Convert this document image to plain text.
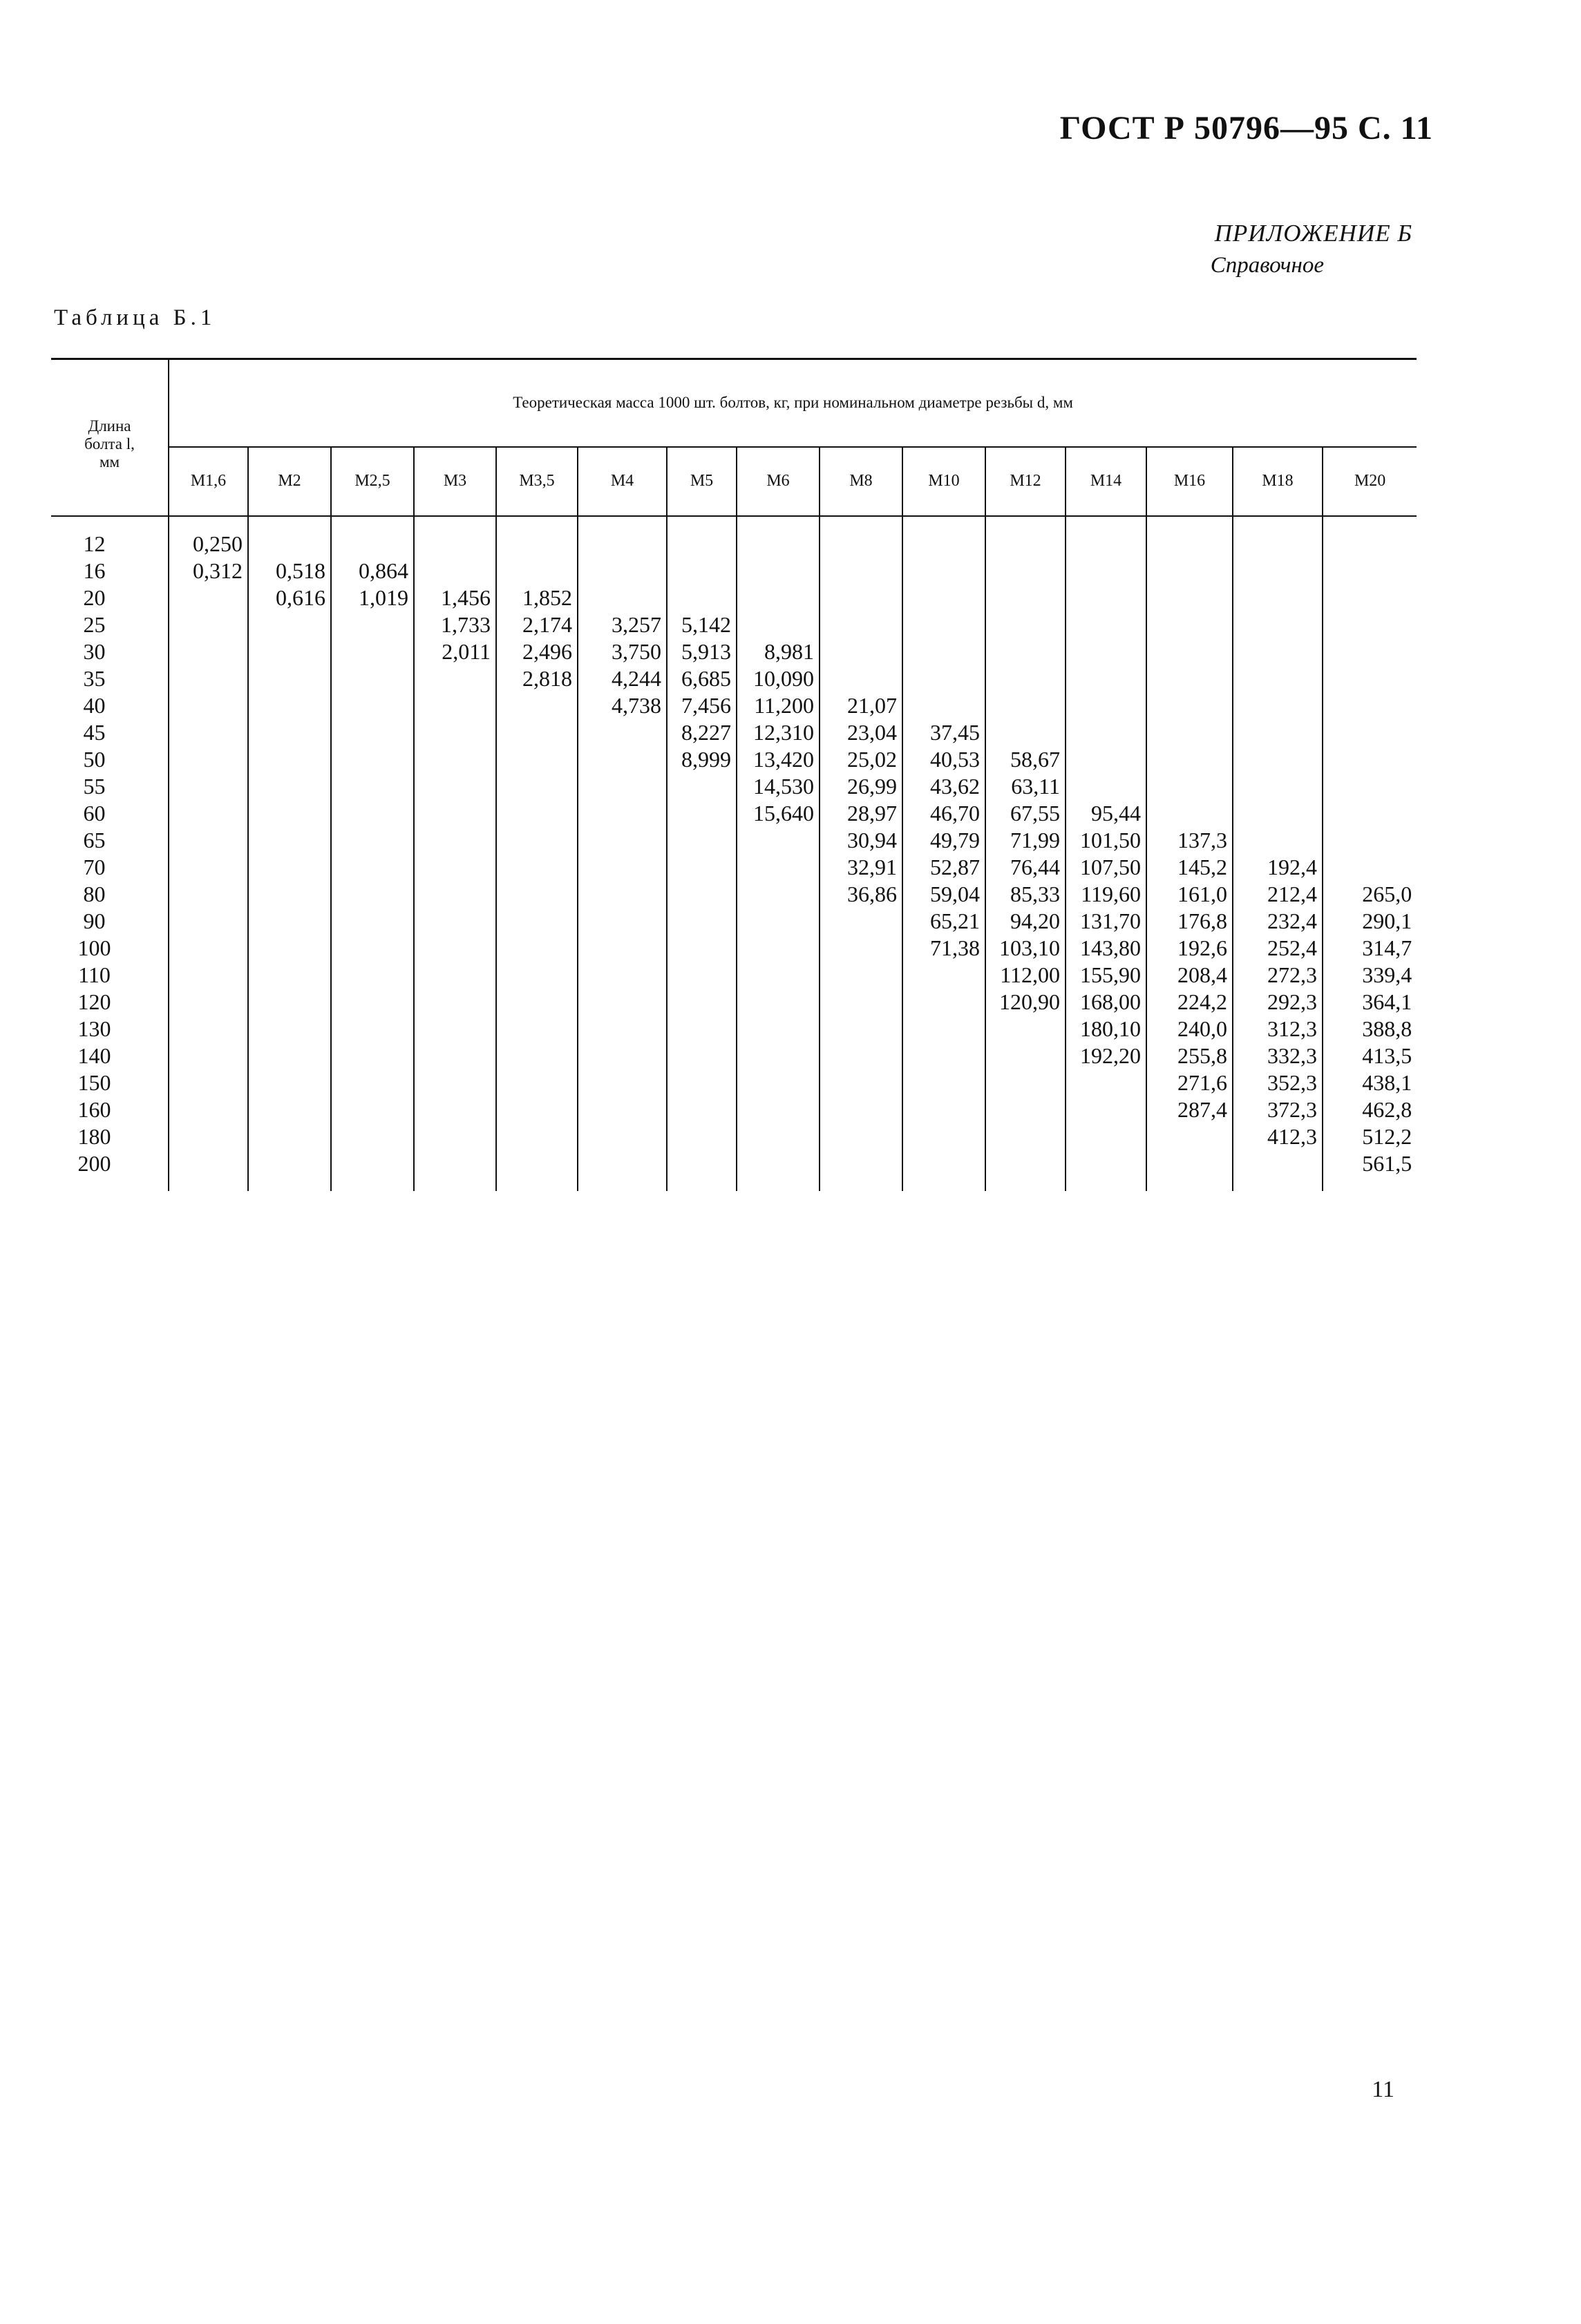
ГОСТ Р 50796—95 С. 11
ПРИЛОЖЕНИЕ Б
Справочное
Таблица Б.1
Длина
болта l,
мм	Теоретическая масса 1000 шт. болтов, кг, при номинальном диаметре резьбы d, мм														
	M1,6	M2	M2,5	M3	M3,5	M4	M5	M6	M8	M10	M12	M14	M16	M18	M20
12	0,250														
16	0,312	0,518	0,864												
20		0,616	1,019	1,456	1,852										
25				1,733	2,174	3,257	5,142								
30				2,011	2,496	3,750	5,913	8,981							
35					2,818	4,244	6,685	10,090							
40						4,738	7,456	11,200	21,07						
45							8,227	12,310	23,04	37,45					
50							8,999	13,420	25,02	40,53	58,67				
55								14,530	26,99	43,62	63,11				
60								15,640	28,97	46,70	67,55	95,44			
65									30,94	49,79	71,99	101,50	137,3		
70									32,91	52,87	76,44	107,50	145,2	192,4	
80									36,86	59,04	85,33	119,60	161,0	212,4	265,0
90										65,21	94,20	131,70	176,8	232,4	290,1
100										71,38	103,10	143,80	192,6	252,4	314,7
110											112,00	155,90	208,4	272,3	339,4
120											120,90	168,00	224,2	292,3	364,1
130												180,10	240,0	312,3	388,8
140												192,20	255,8	332,3	413,5
150													271,6	352,3	438,1
160													287,4	372,3	462,8
180														412,3	512,2
200															561,5
11
